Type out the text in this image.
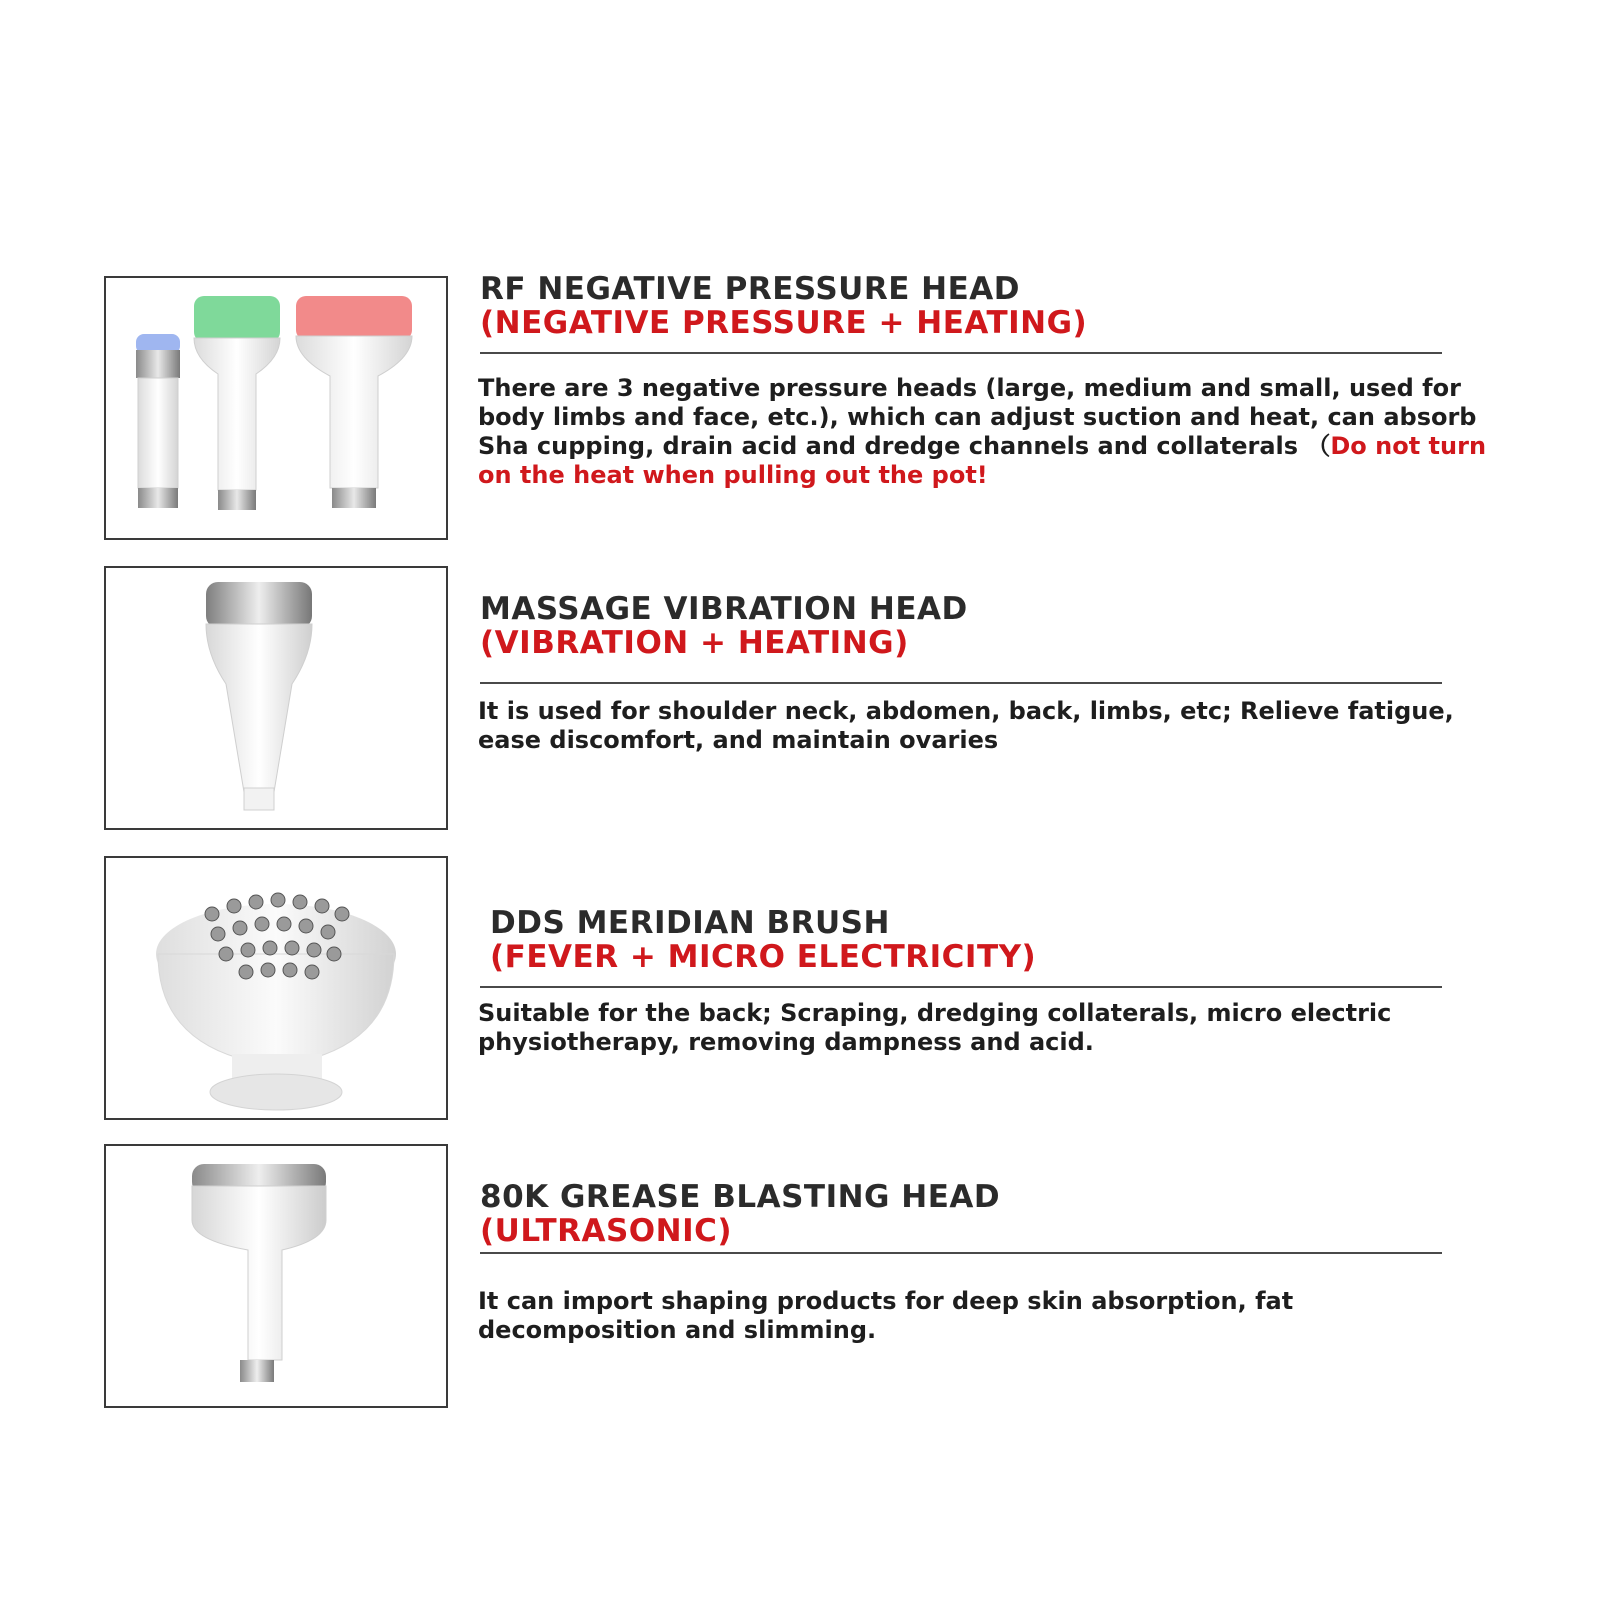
RF NEGATIVE PRESSURE HEAD

(NEGATIVE PRESSURE + HEATING)

There are 3 negative pressure heads (large, medium and small, used for body limbs and face, etc.), which can adjust suction and heat, can absorb Sha cupping, drain acid and dredge channels and collaterals （Do not turn on the heat when pulling out the pot!

MASSAGE VIBRATION HEAD

(VIBRATION + HEATING)

It is used for shoulder neck, abdomen, back, limbs, etc; Relieve fatigue, ease discomfort, and maintain ovaries

DDS MERIDIAN BRUSH

(FEVER + MICRO ELECTRICITY)

Suitable for the back; Scraping, dredging collaterals, micro electric physiotherapy, removing dampness and acid.

80K GREASE BLASTING HEAD

(ULTRASONIC)

It can import shaping products for deep skin absorption, fat decomposition and slimming.
